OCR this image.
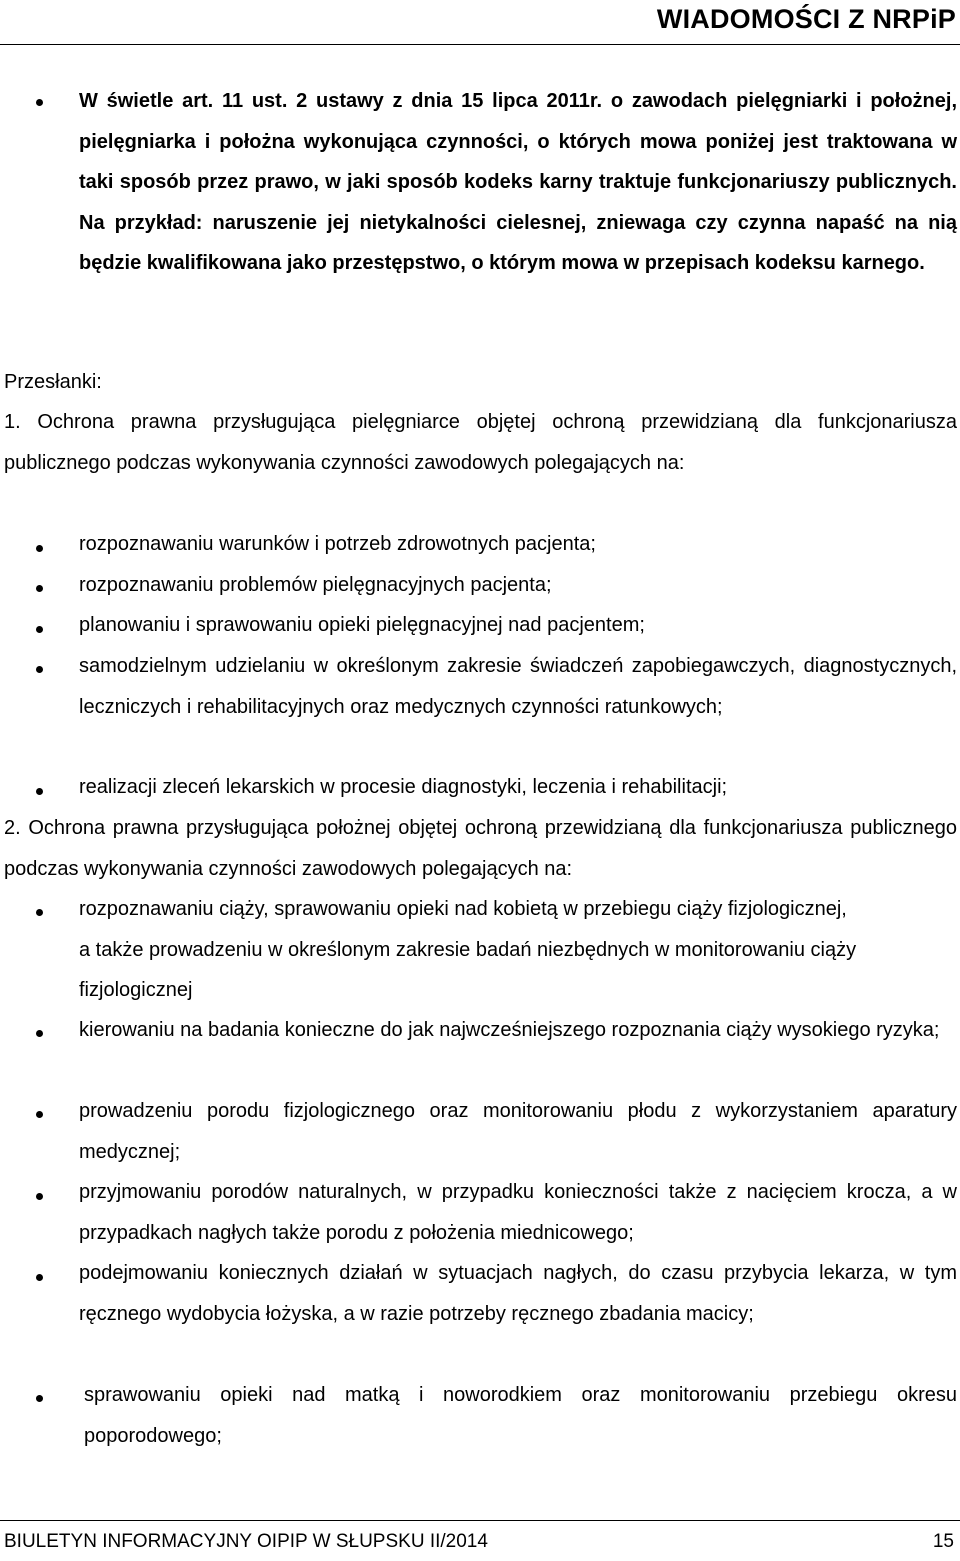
WIADOMOŚCI Z NRPiP
W świetle art. 11 ust. 2 ustawy z dnia 15 lipca 2011r. o zawodach pielęgniarki i położnej, pielęgniarka i położna wykonująca czynności, o których mowa poniżej jest traktowana w taki sposób przez prawo, w jaki sposób kodeks karny traktuje funkcjonariuszy publicznych. Na przykład: naruszenie jej nietykalności cielesnej, zniewaga czy czynna napaść na nią będzie kwalifikowana jako przestępstwo, o którym mowa w przepisach kodeksu karnego.
Przesłanki:
1. Ochrona prawna przysługująca pielęgniarce objętej ochroną przewidzianą dla funkcjonariusza publicznego podczas wykonywania czynności zawodowych polegających na:
rozpoznawaniu warunków i potrzeb zdrowotnych pacjenta;
rozpoznawaniu problemów pielęgnacyjnych pacjenta;
planowaniu i sprawowaniu opieki pielęgnacyjnej nad pacjentem;
samodzielnym udzielaniu w określonym zakresie świadczeń zapobiegawczych, diagnostycznych, leczniczych i rehabilitacyjnych oraz medycznych czynności ratunkowych;
realizacji zleceń lekarskich w procesie diagnostyki, leczenia i rehabilitacji;
2. Ochrona prawna przysługująca położnej objętej ochroną przewidzianą dla funkcjonariusza publicznego podczas wykonywania czynności zawodowych polegających na:
rozpoznawaniu ciąży, sprawowaniu opieki nad kobietą w przebiegu ciąży fizjologicznej, a także prowadzeniu w określonym zakresie badań niezbędnych w monitorowaniu ciąży fizjologicznej
kierowaniu na badania konieczne do jak najwcześniejszego rozpoznania ciąży wysokiego ryzyka;
prowadzeniu porodu fizjologicznego oraz monitorowaniu płodu z wykorzystaniem aparatury medycznej;
przyjmowaniu porodów naturalnych, w przypadku konieczności także z nacięciem krocza, a w przypadkach nagłych także porodu z położenia miednicowego;
podejmowaniu koniecznych działań w sytuacjach nagłych, do czasu przybycia lekarza, w tym ręcznego wydobycia łożyska, a w razie potrzeby ręcznego zbadania macicy;
sprawowaniu opieki nad matką i noworodkiem oraz monitorowaniu przebiegu okresu poporodowego;
BIULETYN INFORMACYJNY OIPIP W SŁUPSKU II/2014	15
